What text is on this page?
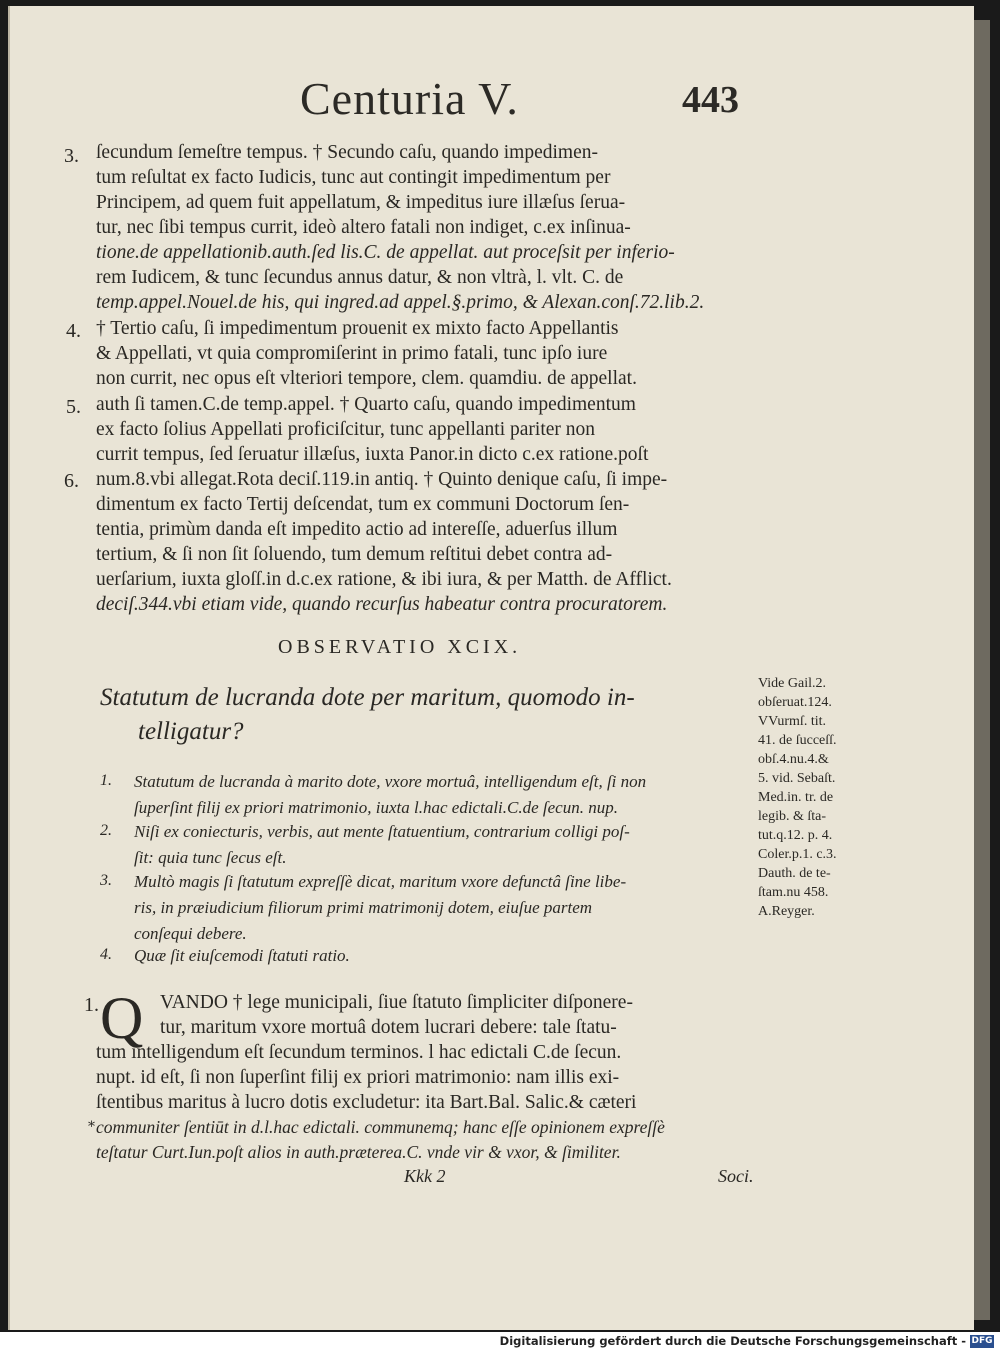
Centuria V.	443
3.
4.
5.
6.
ſecundum ſemeſtre tempus. † Secundo caſu, quando impedimen-
tum reſultat ex facto Iudicis, tunc aut contingit impedimentum per
Principem, ad quem fuit appellatum, & impeditus iure illæſus ſerua-
tur, nec ſibi tempus currit, ideò altero fatali non indiget, c.ex inſinua-
tione.de appellationib.auth.ſed lis.C. de appellat. aut proceſsit per inferio-
rem Iudicem, & tunc ſecundus annus datur, & non vltrà, l. vlt. C. de
temp.appel.Nouel.de his, qui ingred.ad appel.§.primo, & Alexan.conſ.72.lib.2.
† Tertio caſu, ſi impedimentum prouenit ex mixto facto Appellantis
& Appellati, vt quia compromiſerint in primo fatali, tunc ipſo iure
non currit, nec opus eſt vlteriori tempore, clem. quamdiu. de appellat.
auth ſi tamen.C.de temp.appel. † Quarto caſu, quando impedimentum
ex facto ſolius Appellati proficiſcitur, tunc appellanti pariter non
currit tempus, ſed ſeruatur illæſus, iuxta Panor.in dicto c.ex ratione.poſt
num.8.vbi allegat.Rota deciſ.119.in antiq. † Quinto denique caſu, ſi impe-
dimentum ex facto Tertij deſcendat, tum ex communi Doctorum ſen-
tentia, primùm danda eſt impedito actio ad intereſſe, aduerſus illum
tertium, & ſi non ſit ſoluendo, tum demum reſtitui debet contra ad-
uerſarium, iuxta gloſſ.in d.c.ex ratione, & ibi iura, & per Matth. de Afflict.
deciſ.344.vbi etiam vide, quando recurſus habeatur contra procuratorem.
OBSERVATIO XCIX.
Statutum de lucranda dote per maritum, quomodo in-
telligatur?
1. Statutum de lucranda à marito dote, vxore mortuâ, intelligendum eſt, ſi non
ſuperſint filij ex priori matrimonio, iuxta l.hac edictali.C.de ſecun. nup.
2. Niſi ex coniecturis, verbis, aut mente ſtatuentium, contrarium colligi poſ-
ſit: quia tunc ſecus eſt.
3. Multò magis ſi ſtatutum expreſſè dicat, maritum vxore defunctâ ſine libe-
ris, in præiudicium filiorum primi matrimonij dotem, eiuſue partem
conſequi debere.
4. Quæ ſit eiuſcemodi ſtatuti ratio.
Vide Gail.2.
obſeruat.124.
VVurmſ. tit.
41. de ſucceſſ.
obſ.4.nu.4.&
5. vid. Sebaſt.
Med.in. tr. de
legib. & ſta-
tut.q.12. p. 4.
Coler.p.1. c.3.
Dauth. de te-
ſtam.nu 458.
A.Reyger.
1.
*
Q VANDO † lege municipali, ſiue ſtatuto ſimpliciter diſponere-
tur, maritum vxore mortuâ dotem lucrari debere: tale ſtatu-
tum intelligendum eſt ſecundum terminos. l hac edictali C.de ſecun.
nupt. id eſt, ſi non ſuperſint filij ex priori matrimonio: nam illis exi-
ſtentibus maritus à lucro dotis excludetur: ita Bart.Bal. Salic.& cæteri
communiter ſentiūt in d.l.hac edictali. communemq; hanc eſſe opinionem expreſſè
teſtatur Curt.Iun.poſt alios in auth.præterea.C. vnde vir & vxor, & ſimiliter.
Kkk 2	Soci.
Digitalisierung gefördert durch die Deutsche Forschungsgemeinschaft - DFG
